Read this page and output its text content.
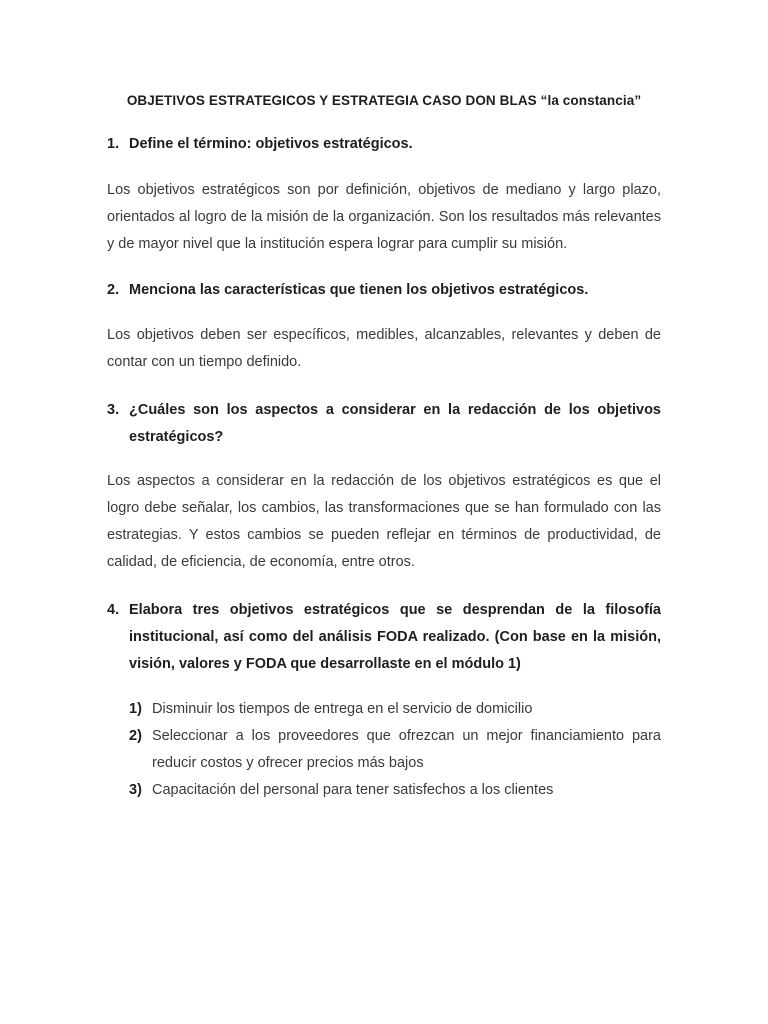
OBJETIVOS ESTRATEGICOS Y ESTRATEGIA CASO DON BLAS “la constancia”
1. Define el término: objetivos estratégicos.
Los objetivos estratégicos son por definición, objetivos de mediano y largo plazo, orientados al logro de la misión de la organización. Son los resultados más relevantes y de mayor nivel que la institución espera lograr para cumplir su misión.
2. Menciona las características que tienen los objetivos estratégicos.
Los objetivos deben ser específicos, medibles, alcanzables, relevantes y deben de contar con un tiempo definido.
3. ¿Cuáles son los aspectos a considerar en la redacción de los objetivos estratégicos?
Los aspectos a considerar en la redacción de los objetivos estratégicos es que el logro debe señalar, los cambios, las transformaciones que se han formulado con las estrategias. Y estos cambios se pueden reflejar en términos de productividad, de calidad, de eficiencia, de economía, entre otros.
4. Elabora tres objetivos estratégicos que se desprendan de la filosofía institucional, así como del análisis FODA realizado. (Con base en la misión, visión, valores y FODA que desarrollaste en el módulo 1)
1) Disminuir los tiempos de entrega en el servicio de domicilio
2) Seleccionar a los proveedores que ofrezcan un mejor financiamiento para reducir costos y ofrecer precios más bajos
3) Capacitación del personal para tener satisfechos a los clientes
